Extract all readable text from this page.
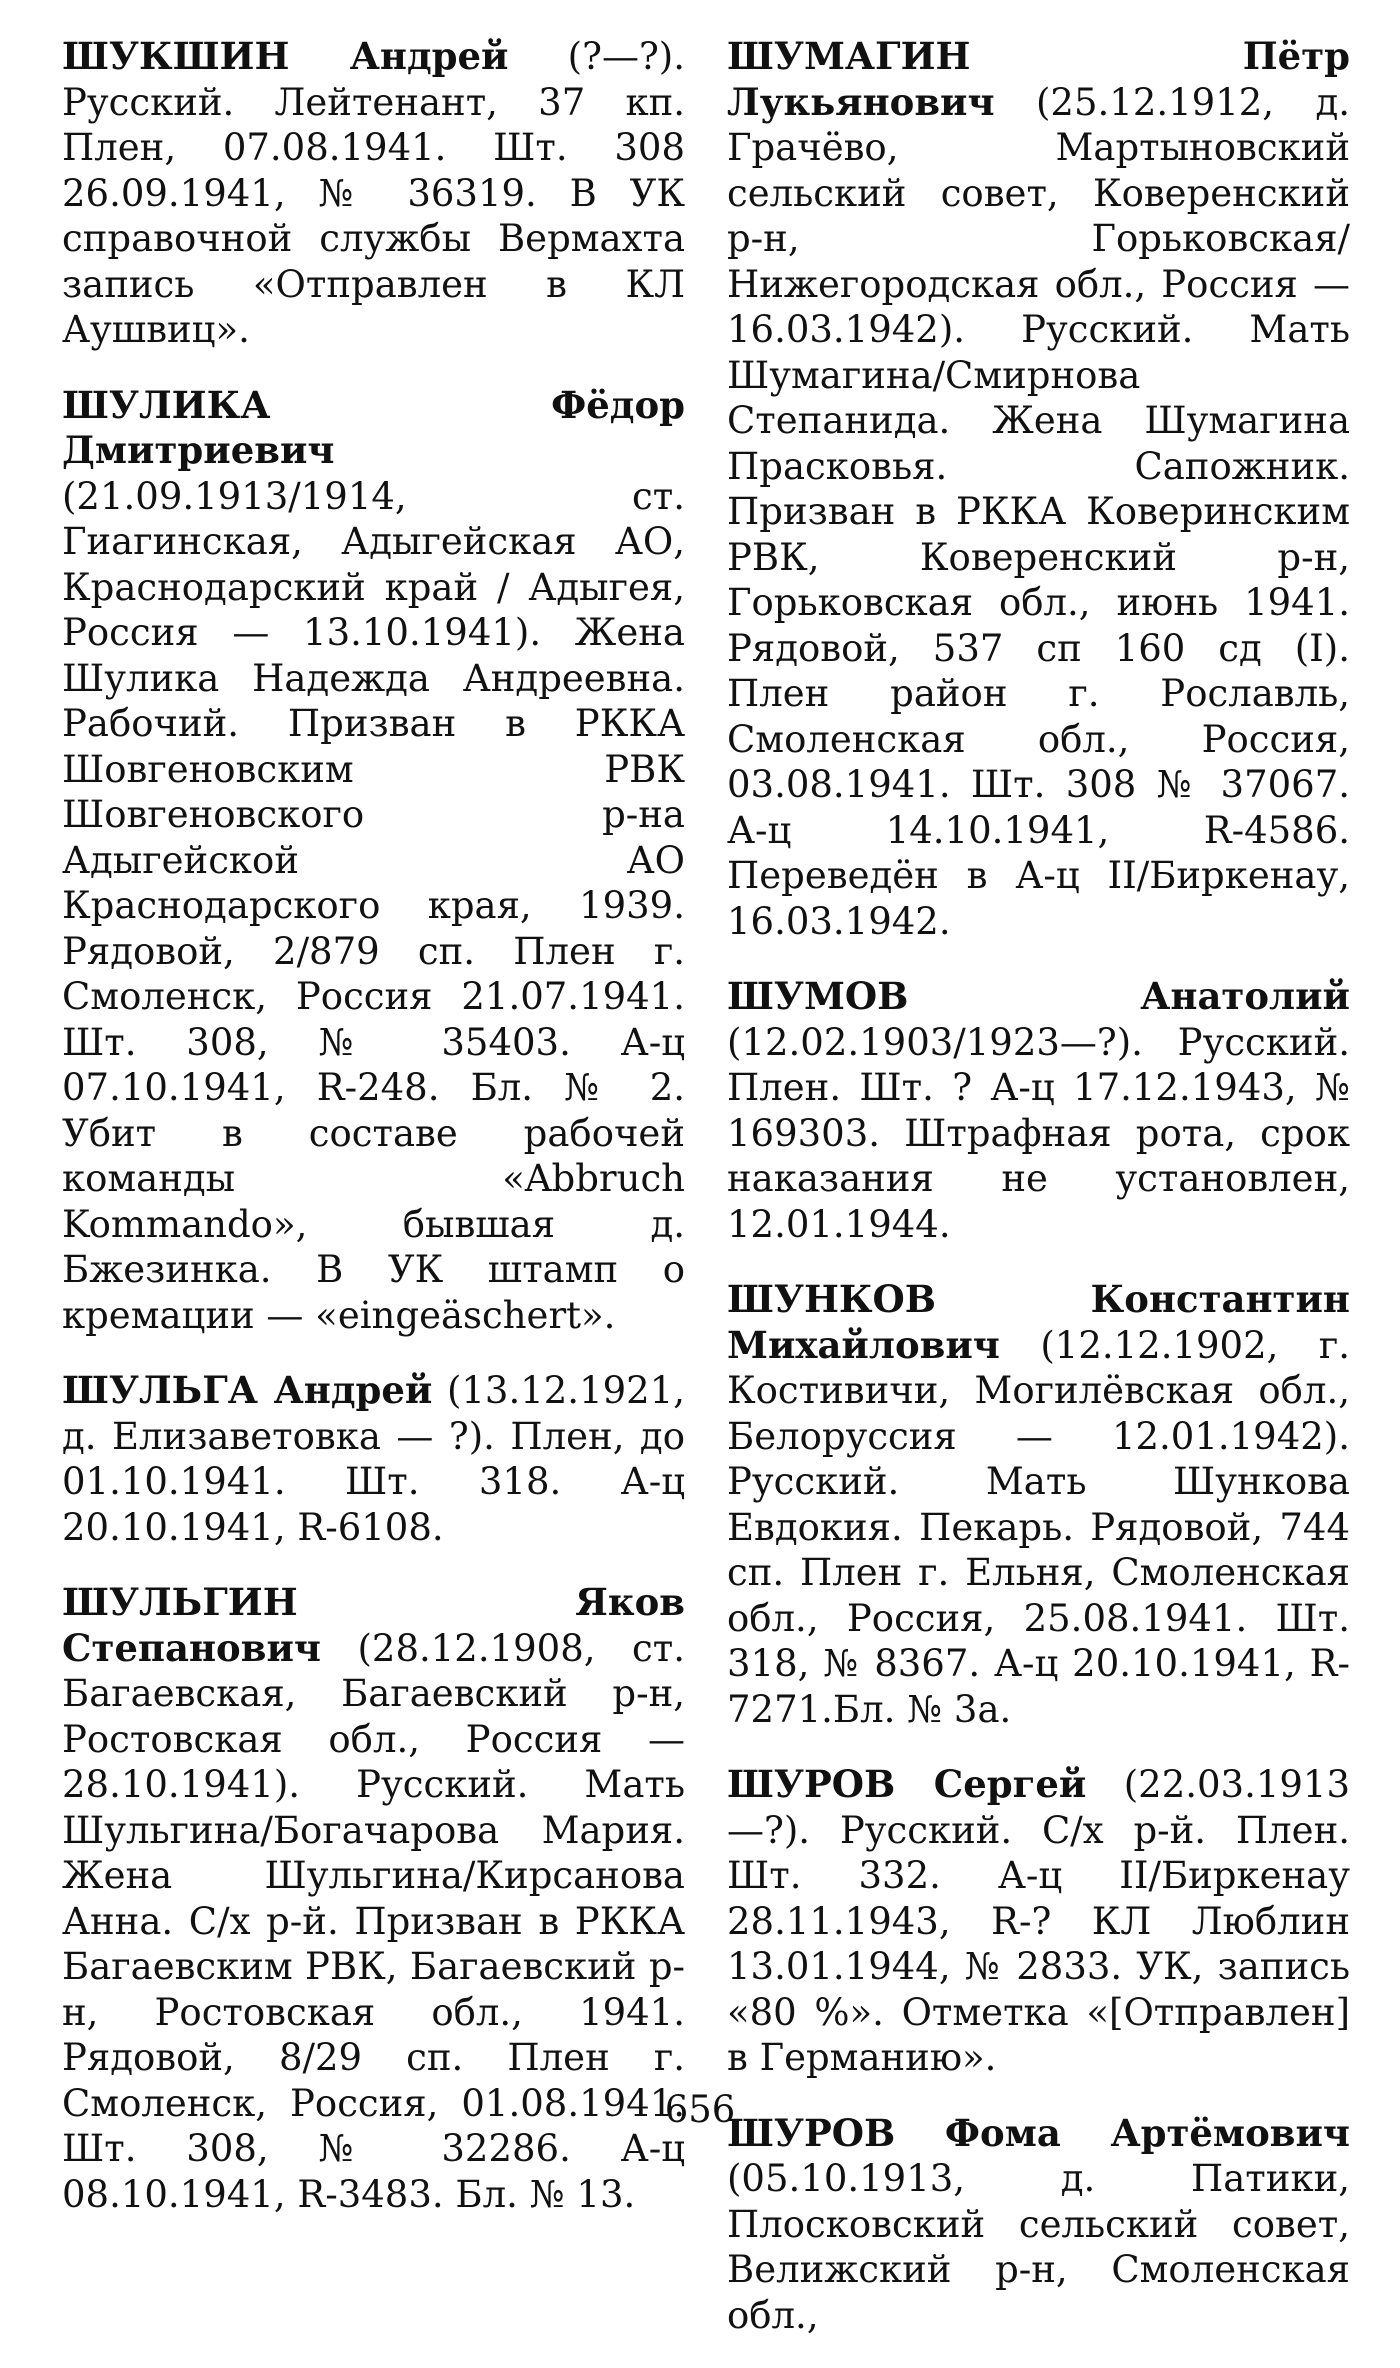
ШУКШИН Андрей (?—?). Русский. Лейтенант, 37 кп. Плен, 07.08.1941. Шт. 308 26.09.1941, № 36319. В УК справочной службы Вермахта запись «Отправлен в КЛ Аушвиц».

ШУЛИКА Фёдор Дмитриевич (21.09.1913/1914, ст. Гиагинская, Адыгейская АО, Краснодарский край / Адыгея, Россия — 13.10.1941). Жена Шулика Надежда Андреевна. Рабочий. Призван в РККА Шовгеновским РВК Шовгеновского р-на Адыгейской АО Краснодарского края, 1939. Рядовой, 2/879 сп. Плен г. Смоленск, Россия 21.07.1941. Шт. 308, № 35403. А-ц 07.10.1941, R-248. Бл. № 2. Убит в составе рабочей команды «Abbruch Kommando», бывшая д. Бжезинка. В УК штамп о кремации — «eingeäschert».

ШУЛЬГА Андрей (13.12.1921, д. Елизаветовка — ?). Плен, до 01.10.1941. Шт. 318. А-ц 20.10.1941, R-6108.

ШУЛЬГИН Яков Степанович (28.12.1908, ст. Багаевская, Багаевский р-н, Ростовская обл., Россия — 28.10.1941). Русский. Мать Шульгина/Богачарова Мария. Жена Шульгина/Кирсанова Анна. С/х р-й. Призван в РККА Багаевским РВК, Багаевский р-н, Ростовская обл., 1941. Рядовой, 8/29 сп. Плен г. Смоленск, Россия, 01.08.1941. Шт. 308, № 32286. А-ц 08.10.1941, R-3483. Бл. № 13.

ШУМАГИН Пётр Лукьянович (25.12.1912, д. Грачёво, Мартыновский сельский совет, Коверенский р-н, Горьковская/ Нижегородская обл., Россия — 16.03.1942). Русский. Мать Шумагина/Смирнова Степанида. Жена Шумагина Прасковья. Сапожник. Призван в РККА Коверинским РВК, Коверенский р-н, Горьковская обл., июнь 1941. Рядовой, 537 сп 160 сд (I). Плен район г. Рославль, Смоленская обл., Россия, 03.08.1941. Шт. 308 № 37067. А-ц 14.10.1941, R-4586. Переведён в А-ц II/Биркенау, 16.03.1942.

ШУМОВ Анатолий (12.02.1903/1923—?). Русский. Плен. Шт. ? А-ц 17.12.1943, № 169303. Штрафная рота, срок наказания не установлен, 12.01.1944.

ШУНКОВ Константин Михайлович (12.12.1902, г. Костивичи, Могилёвская обл., Белоруссия — 12.01.1942). Русский. Мать Шункова Евдокия. Пекарь. Рядовой, 744 сп. Плен г. Ельня, Смоленская обл., Россия, 25.08.1941. Шт. 318, № 8367. А-ц 20.10.1941, R-7271.Бл. № 3а.

ШУРОВ Сергей (22.03.1913—?). Русский. С/х р-й. Плен. Шт. 332. А-ц II/Биркенау 28.11.1943, R-? КЛ Люблин 13.01.1944, № 2833. УК, запись «80 %». Отметка «[Отправлен] в Германию».

ШУРОВ Фома Артёмович (05.10.1913, д. Патики, Плосковский сельский совет, Велижский р-н, Смоленская обл.,

656
